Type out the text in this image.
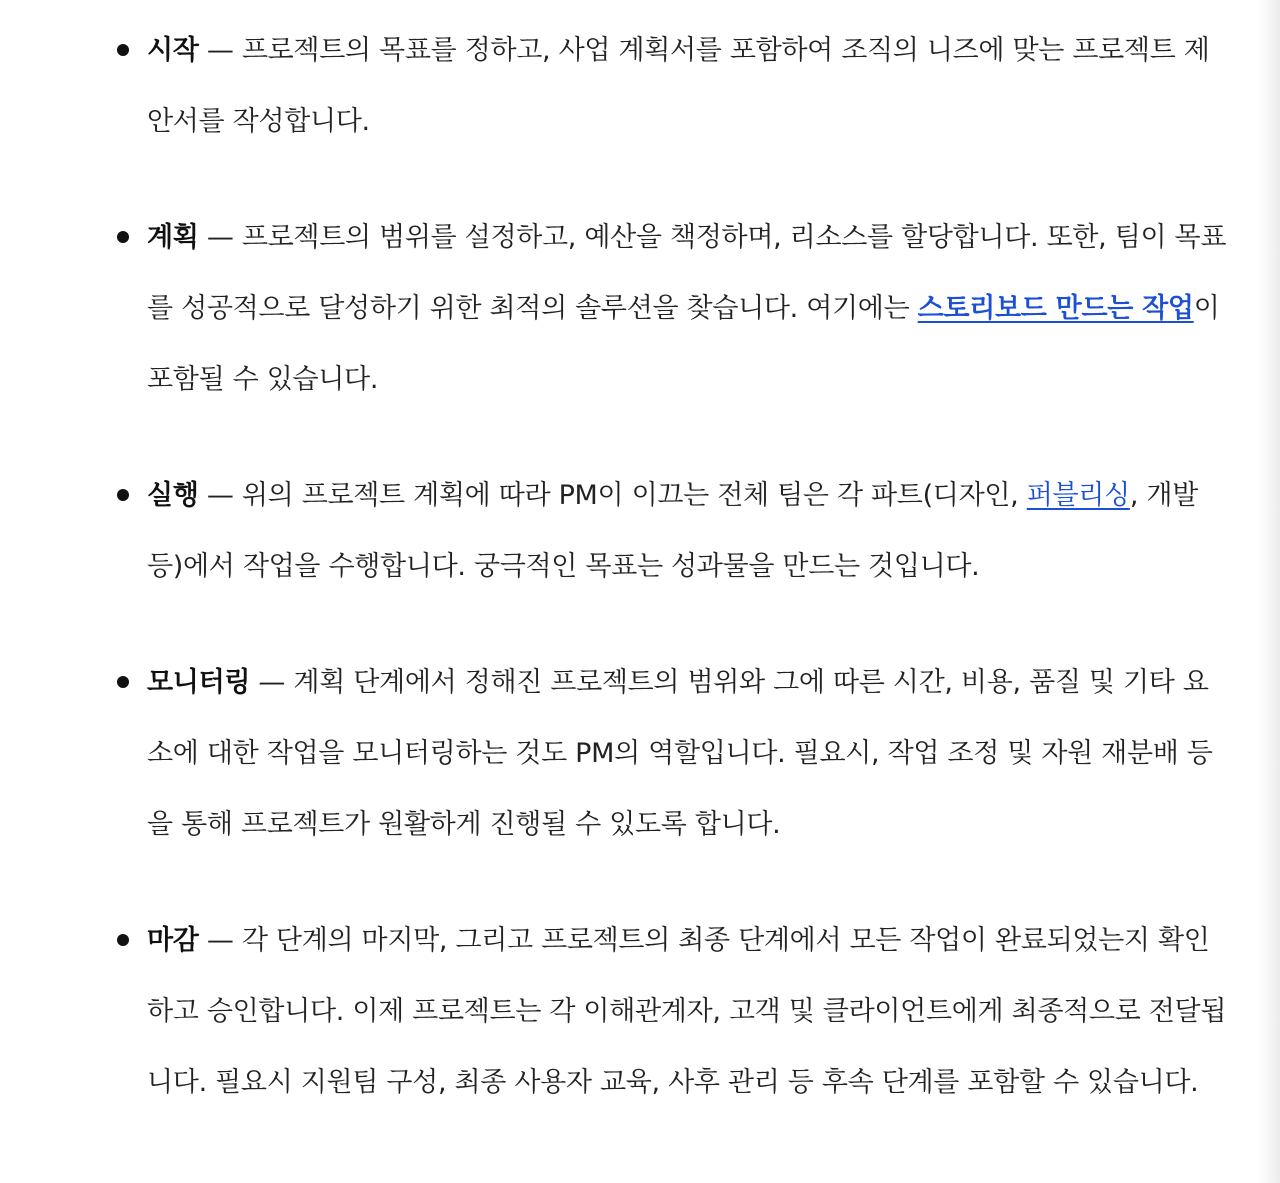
시작 — 프로젝트의 목표를 정하고, 사업 계획서를 포함하여 조직의 니즈에 맞는 프로젝트 제안서를 작성합니다.
계획 — 프로젝트의 범위를 설정하고, 예산을 책정하며, 리소스를 할당합니다. 또한, 팀이 목표를 성공적으로 달성하기 위한 최적의 솔루션을 찾습니다. 여기에는 스토리보드 만드는 작업이 포함될 수 있습니다.
실행 — 위의 프로젝트 계획에 따라 PM이 이끄는 전체 팀은 각 파트(디자인, 퍼블리싱, 개발 등)에서 작업을 수행합니다. 궁극적인 목표는 성과물을 만드는 것입니다.
모니터링 — 계획 단계에서 정해진 프로젝트의 범위와 그에 따른 시간, 비용, 품질 및 기타 요소에 대한 작업을 모니터링하는 것도 PM의 역할입니다. 필요시, 작업 조정 및 자원 재분배 등을 통해 프로젝트가 원활하게 진행될 수 있도록 합니다.
마감 — 각 단계의 마지막, 그리고 프로젝트의 최종 단계에서 모든 작업이 완료되었는지 확인하고 승인합니다. 이제 프로젝트는 각 이해관계자, 고객 및 클라이언트에게 최종적으로 전달됩니다. 필요시 지원팀 구성, 최종 사용자 교육, 사후 관리 등 후속 단계를 포함할 수 있습니다.
